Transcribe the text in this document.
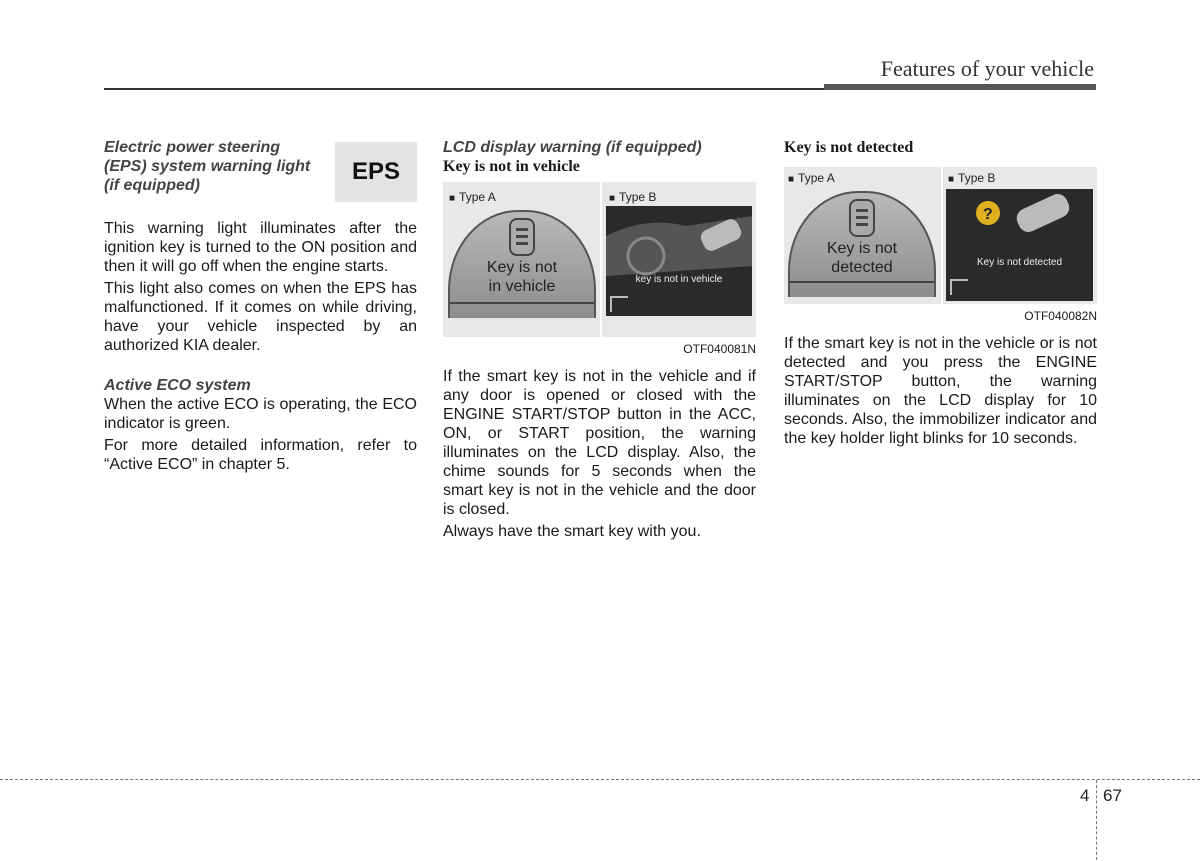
Features of your vehicle
Electric power steering
(EPS) system warning light
(if equipped)

This warning light illuminates after the ignition key is turned to the ON position and then it will go off when the engine starts.

This light also comes on when the EPS has malfunctioned. If it comes on while driving, have your vehicle inspected by an authorized KIA dealer.

Active ECO system

When the active ECO is operating, the ECO indicator is green.

For more detailed information, refer to “Active ECO” in chapter 5.

EPS
LCD display warning (if equipped)
Key is not in vehicle
■ Type A	■ Type B
Key is not
in vehicle	key is not in vehicle
OTF040081N

If the smart key is not in the vehicle and if any door is opened or closed with the ENGINE START/STOP button in the ACC, ON, or START position, the warning illuminates on the LCD display. Also, the chime sounds for 5 seconds when the smart key is not in the vehicle and the door is closed.

Always have the smart key with you.

Key is not detected
■ Type A	■ Type B
Key is not
detected
?
Key is not detected
OTF040082N

If the smart key is not in the vehicle or is not detected and you press the ENGINE START/STOP button, the warning illuminates on the LCD display for 10 seconds. Also, the immobilizer indicator and the key holder light blinks for 10 seconds.

4 67
